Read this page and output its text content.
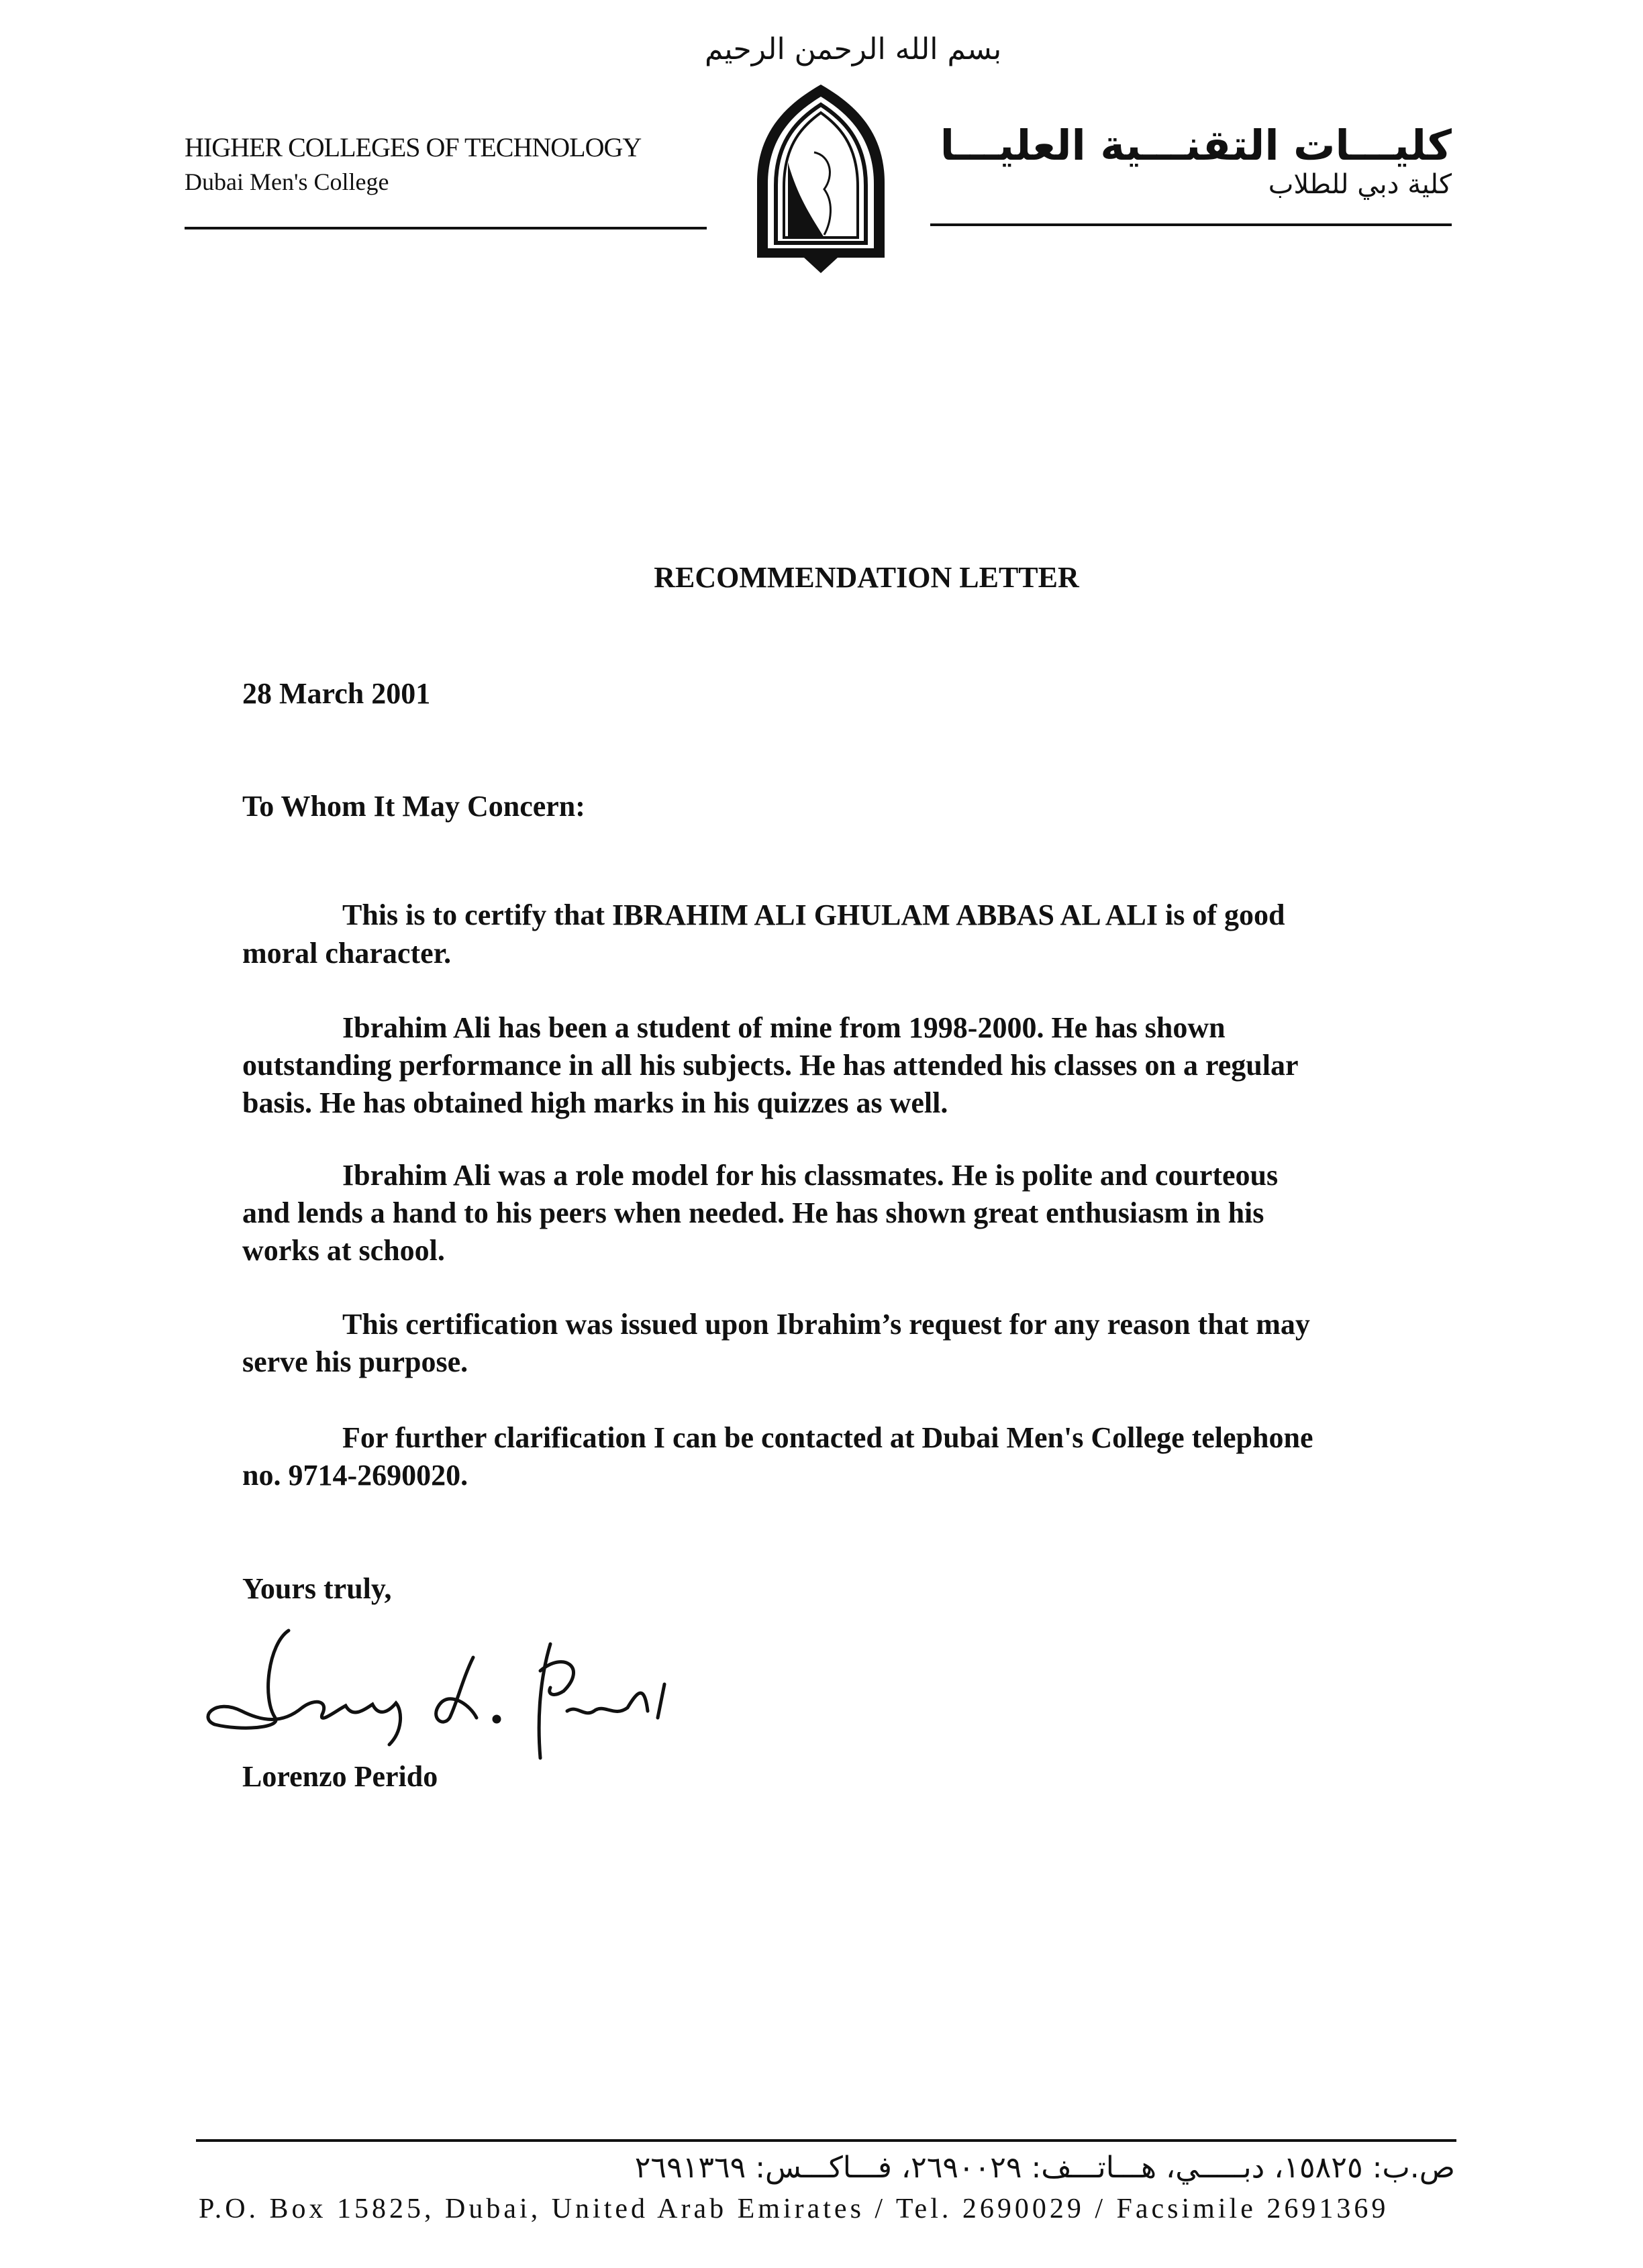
بسم الله الرحمن الرحيم
HIGHER COLLEGES OF TECHNOLOGY
Dubai Men's College
كليـــات التقنـــية العليـــا
كلية دبي للطلاب
RECOMMENDATION LETTER
28 March 2001
To Whom It May Concern:
This is to certify that IBRAHIM ALI GHULAM ABBAS AL ALI is of good
moral character.
Ibrahim Ali has been a student of mine from 1998-2000. He has shown
outstanding performance in all his subjects. He has attended his classes on a regular
basis. He has obtained high marks in his quizzes as well.
Ibrahim Ali was a role model for his classmates. He is polite and courteous
and lends a hand to his peers when needed. He has shown great enthusiasm in his
works at school.
This certification was issued upon Ibrahim’s request for any reason that may
serve his purpose.
For further clarification I can be contacted at Dubai Men's College telephone
no. 9714-2690020.
Yours truly,
Lorenzo Perido
ص.ب: ١٥٨٢٥، دبـــــي، هـــاتـــف: ٢٦٩٠٠٢٩، فـــاكـــس: ٢٦٩١٣٦٩
P.O. Box 15825, Dubai, United Arab Emirates / Tel. 2690029 / Facsimile 2691369
